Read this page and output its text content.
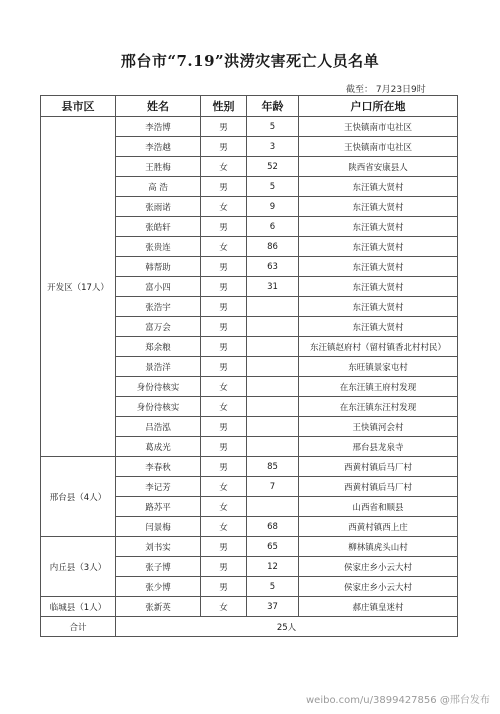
邢台市“7.19”洪涝灾害死亡人员名单
截至： 7月23日9时
县市区	姓名	性别	年龄	户口所在地
开发区（17人）	李浩博	男	5	王快镇南市屯社区
	李浩越	男	3	王快镇南市屯社区
	王胜梅	女	52	陕西省安康县人
	高 浩	男	5	东汪镇大贤村
	张雨诺	女	9	东汪镇大贤村
	张皓轩	男	6	东汪镇大贤村
	张贵连	女	86	东汪镇大贤村
	韩帮助	男	63	东汪镇大贤村
	富小四	男	31	东汪镇大贤村
	张浩宇	男		东汪镇大贤村
	富万会	男		东汪镇大贤村
	郑余粮	男		东汪镇赵府村（留村镇香北村村民）
	景浩洋	男		东旺镇景家屯村
	身份待核实	女		在东汪镇王府村发现
	身份待核实	女		在东汪镇东汪村发现
	吕浩泓	男		王快镇河会村
	葛成光	男		邢台县龙泉寺
邢台县（4人）	李春秋	男	85	西黄村镇后马厂村
	李记芳	女	7	西黄村镇后马厂村
	路苏平	女		山西省和顺县
	闫景梅	女	68	西黄村镇西上庄
内丘县（3人）	刘书实	男	65	柳林镇虎头山村
	张子博	男	12	侯家庄乡小云大村
	张少博	男	5	侯家庄乡小云大村
临城县（1人）	张新英	女	37	郝庄镇皇迷村
合计	25人			
weibo.com/u/3899427856 @邢台发布
